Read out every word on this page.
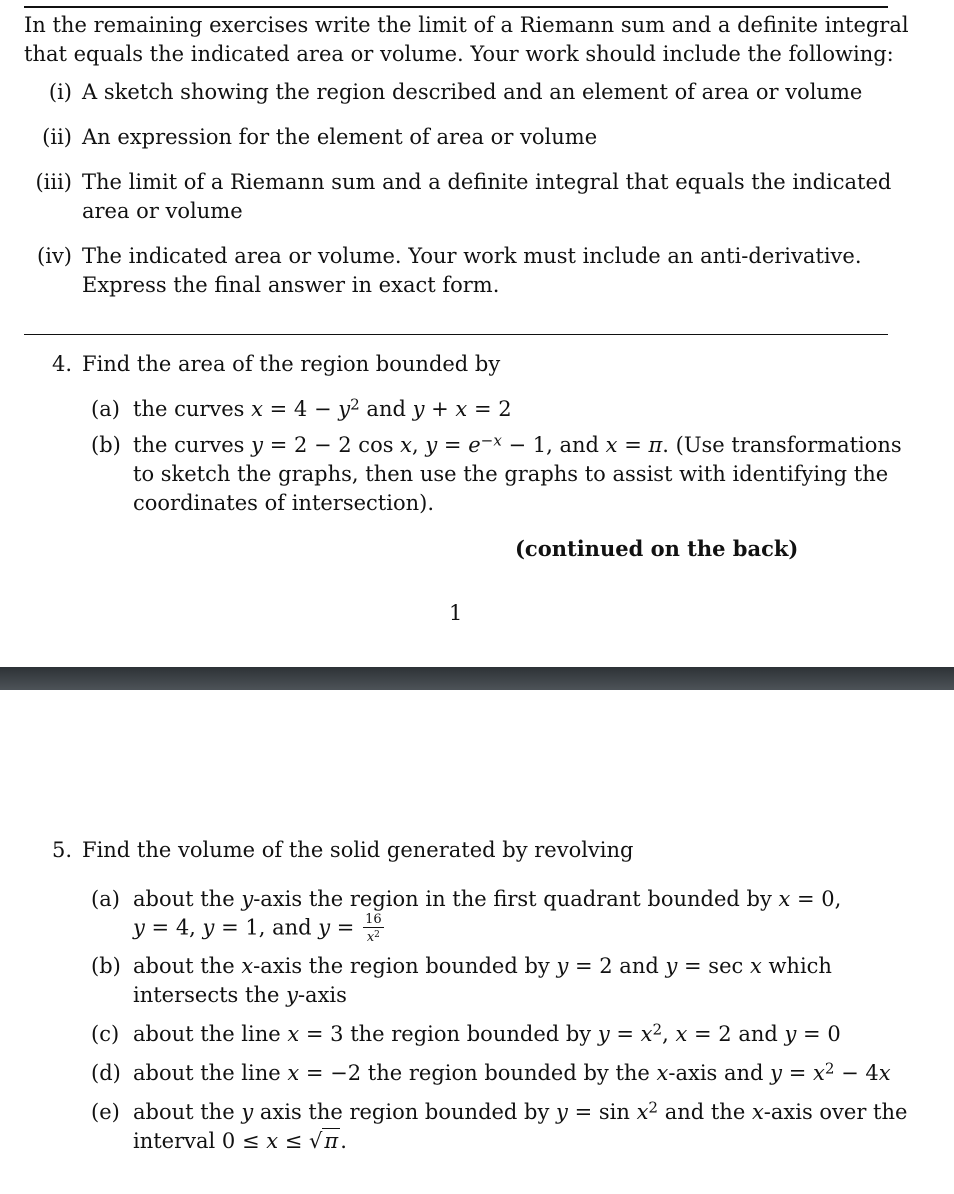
In the remaining exercises write the limit of a Riemann sum and a definite integral
that equals the indicated area or volume. Your work should include the following:
(i) A sketch showing the region described and an element of area or volume
(ii) An expression for the element of area or volume
(iii) The limit of a Riemann sum and a definite integral that equals the indicated
area or volume
(iv) The indicated area or volume. Your work must include an anti-derivative.
Express the final answer in exact form.
4. Find the area of the region bounded by
(a) the curves $x = 4 - y^2$ and y + x = 2
(b) the curves y = 2 − 2 cos x, $y = e^{-x} - 1$, and x = π. (Use transformations
to sketch the graphs, then use the graphs to assist with identifying the
coordinates of intersection).
(continued on the back)
1
5. Find the volume of the solid generated by revolving
(a) about the y-axis the region in the first quadrant bounded by x = 0,
y = 4, y = 1, and $y = \frac{16}{x^2}$
(b) about the x-axis the region bounded by y = 2 and y = sec x which
intersects the y-axis
(c) about the line x = 3 the region bounded by $y = x^2$, x = 2 and y = 0
(d) about the line x = −2 the region bounded by the x-axis and $y = x^2 - 4x$
(e) about the y axis the region bounded by $y = \sin x^2$ and the x-axis over the
interval 0 ≤ x ≤ √π.
